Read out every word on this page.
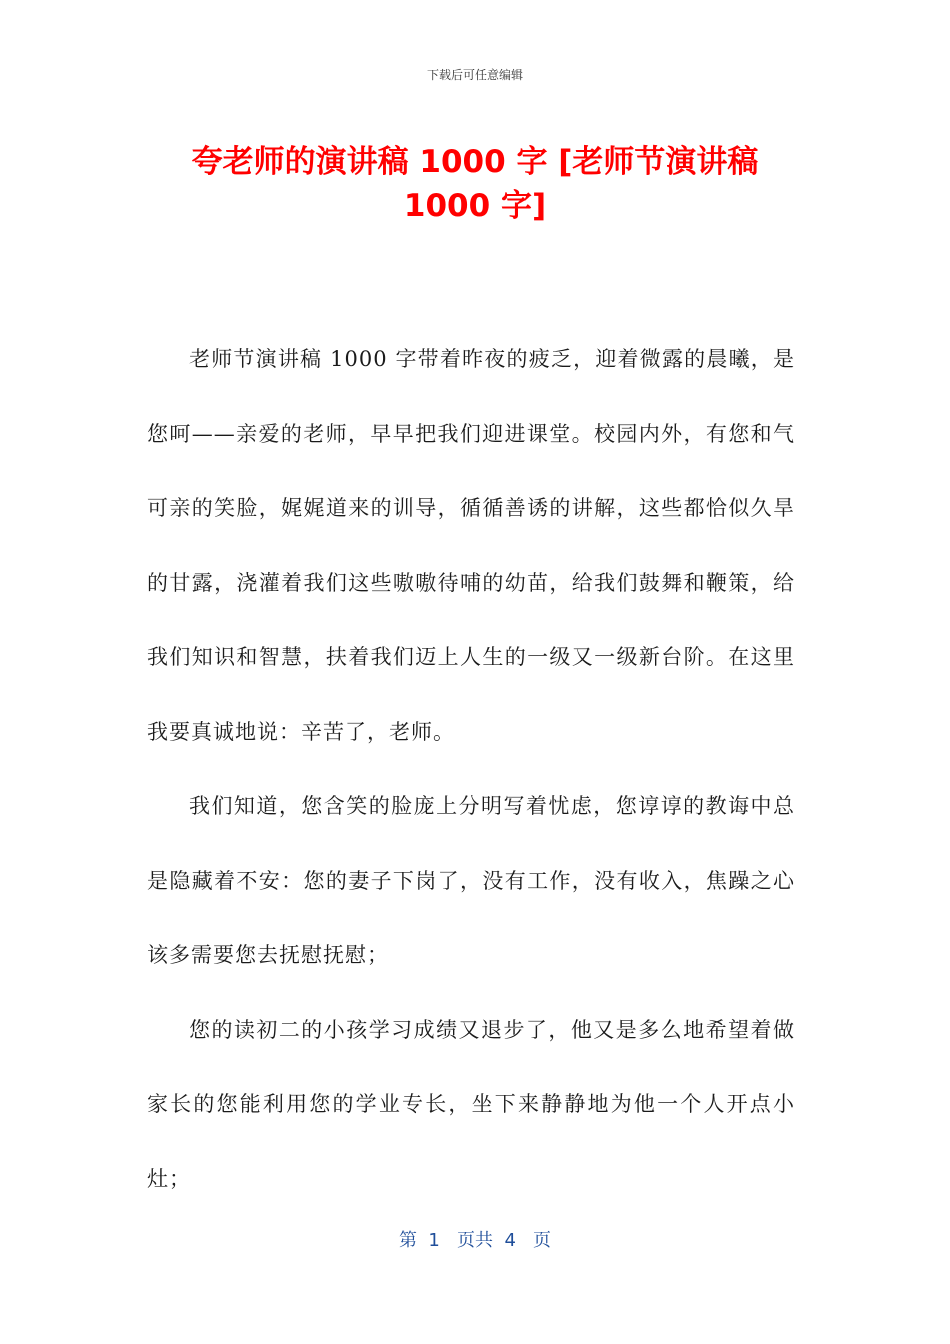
下载后可任意编辑
夸老师的演讲稿 1000 字 [老师节演讲稿
1000 字]

老师节演讲稿 1000 字带着昨夜的疲乏，迎着微露的晨曦，是您呵——亲爱的老师，早早把我们迎进课堂。校园内外，有您和气可亲的笑脸，娓娓道来的训导，循循善诱的讲解，这些都恰似久旱的甘露，浇灌着我们这些嗷嗷待哺的幼苗，给我们鼓舞和鞭策，给我们知识和智慧，扶着我们迈上人生的一级又一级新台阶。在这里我要真诚地说：辛苦了，老师。

我们知道，您含笑的脸庞上分明写着忧虑，您谆谆的教诲中总是隐藏着不安：您的妻子下岗了，没有工作，没有收入，焦躁之心该多需要您去抚慰抚慰；

您的读初二的小孩学习成绩又退步了，他又是多么地希望着做家长的您能利用您的学业专长，坐下来静静地为他一个人开点小灶；

第  1   页共  4   页
